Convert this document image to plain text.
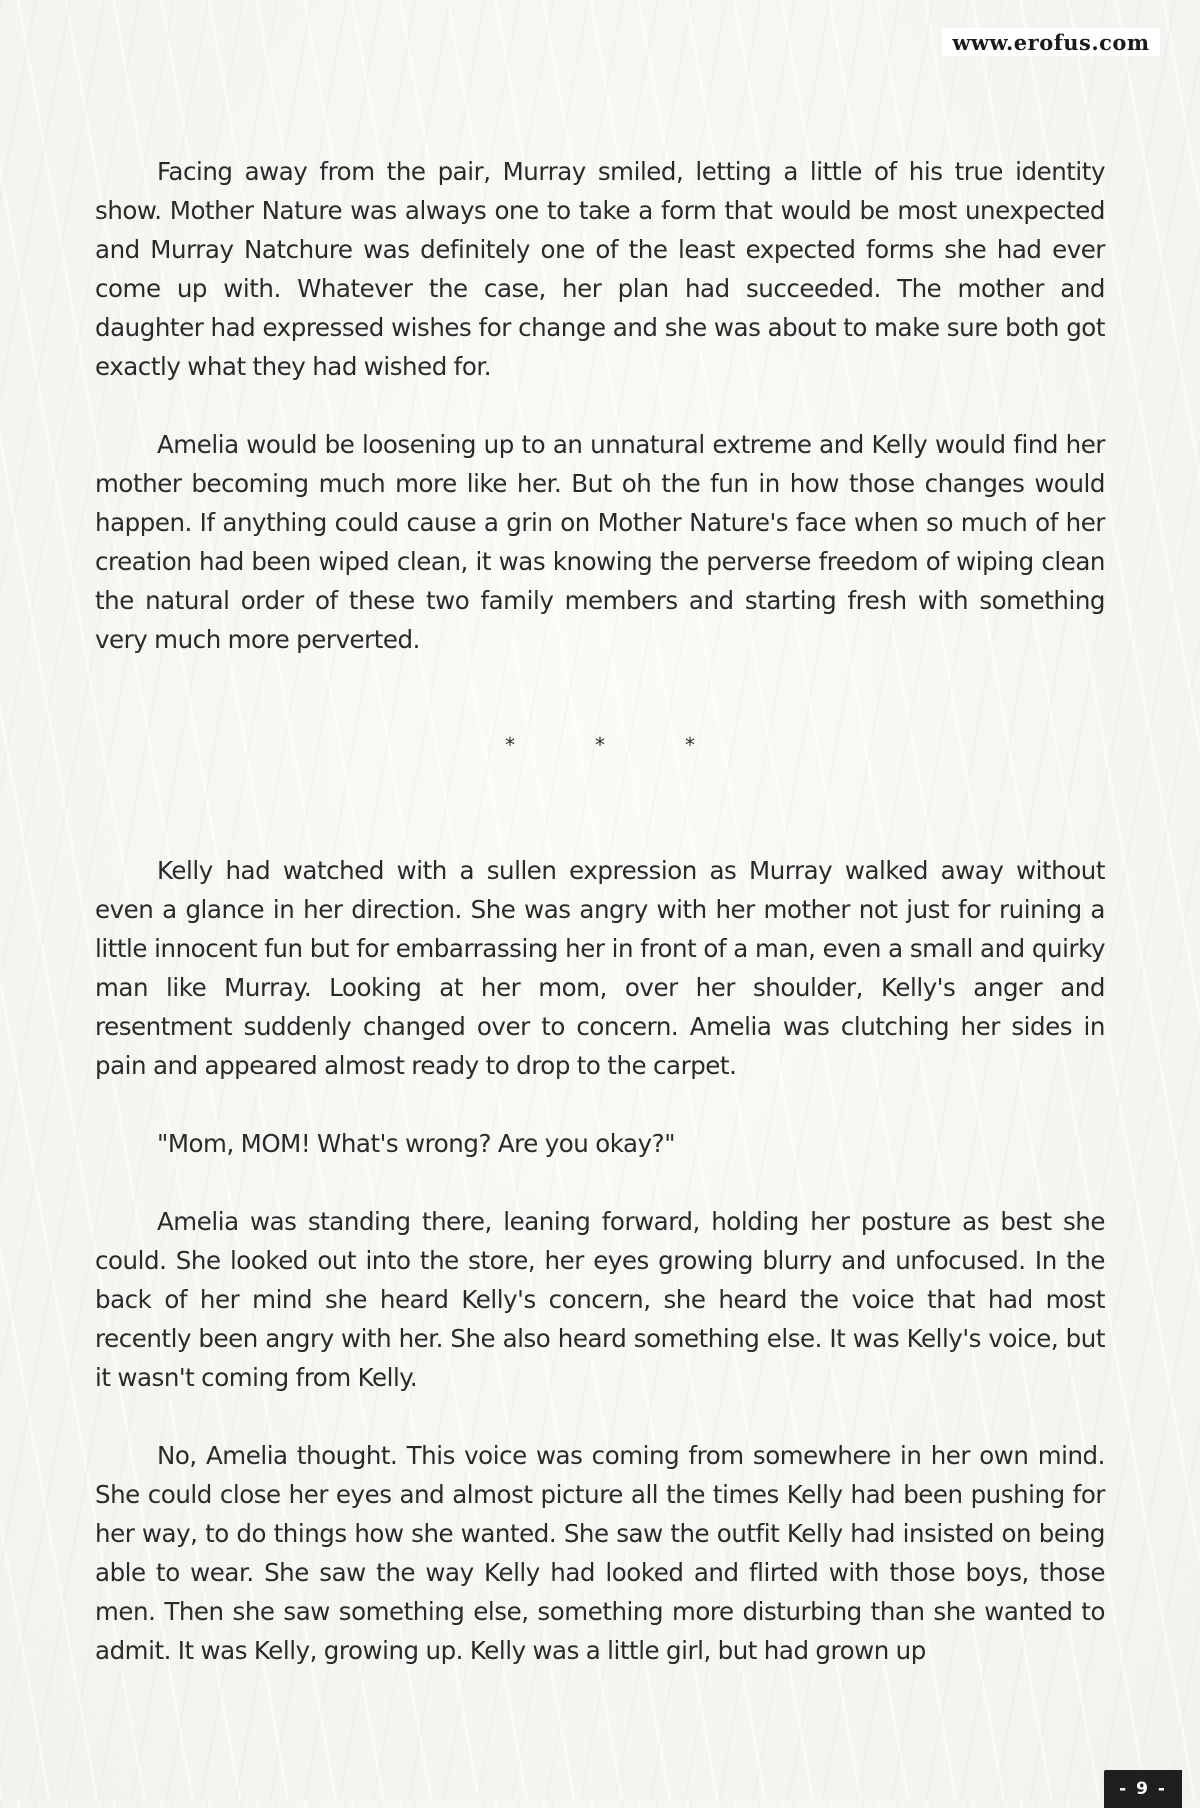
www.erofus.com

Facing away from the pair, Murray smiled, letting a little of his true identity show. Mother Nature was always one to take a form that would be most unexpected and Murray Natchure was definitely one of the least expected forms she had ever come up with. Whatever the case, her plan had succeeded. The mother and daughter had expressed wishes for change and she was about to make sure both got exactly what they had wished for.

Amelia would be loosening up to an unnatural extreme and Kelly would find her mother becoming much more like her. But oh the fun in how those changes would happen. If anything could cause a grin on Mother Nature's face when so much of her creation had been wiped clean, it was knowing the perverse freedom of wiping clean the natural order of these two family members and starting fresh with something very much more perverted.

*	*	*

Kelly had watched with a sullen expression as Murray walked away without even a glance in her direction. She was angry with her mother not just for ruining a little innocent fun but for embarrassing her in front of a man, even a small and quirky man like Murray. Looking at her mom, over her shoulder, Kelly's anger and resentment suddenly changed over to concern. Amelia was clutching her sides in pain and appeared almost ready to drop to the carpet.

"Mom, MOM! What's wrong? Are you okay?"

Amelia was standing there, leaning forward, holding her posture as best she could. She looked out into the store, her eyes growing blurry and unfocused. In the back of her mind she heard Kelly's concern, she heard the voice that had most recently been angry with her. She also heard something else. It was Kelly's voice, but it wasn't coming from Kelly.

No, Amelia thought. This voice was coming from somewhere in her own mind. She could close her eyes and almost picture all the times Kelly had been pushing for her way, to do things how she wanted. She saw the outfit Kelly had insisted on being able to wear. She saw the way Kelly had looked and flirted with those boys, those men. Then she saw something else, something more disturbing than she wanted to admit. It was Kelly, growing up. Kelly was a little girl, but had grown up

- 9 -
